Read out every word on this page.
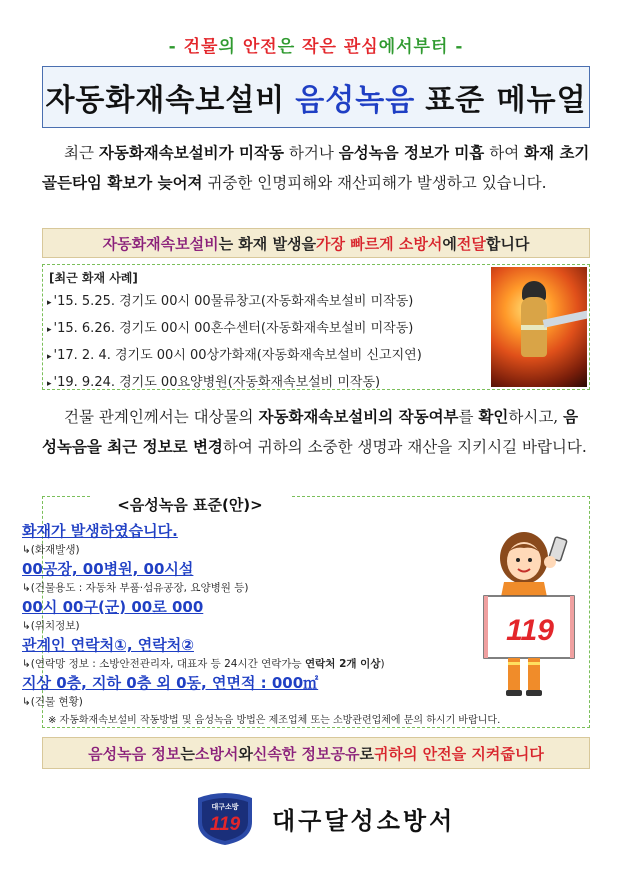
- 건물의 안전은 작은 관심에서부터 -
자동화재속보설비 음성녹음 표준 메뉴얼

최근 자동화재속보설비가 미작동 하거나 음성녹음 정보가 미흡 하여 화재 초기 골든타임 확보가 늦어져 귀중한 인명피해와 재산피해가 발생하고 있습니다.

자동화재속보설비 는 화재 발생을 가장 빠르게 소방서 에 전달 합니다
[최근 화재 사례]
▸ '15. 5.25. 경기도 00시 00물류창고(자동화재속보설비 미작동)
▸ '15. 6.26. 경기도 00시 00혼수센터(자동화재속보설비 미작동)
▸ '17. 2. 4. 경기도 00시 00상가화재(자동화재속보설비 신고지연)
▸ '19. 9.24. 경기도 00요양병원(자동화재속보설비 미작동)

건물 관계인께서는 대상물의 자동화재속보설비의 작동여부를 확인하시고, 음성녹음을 최근 정보로 변경하여 귀하의 소중한 생명과 재산을 지키시길 바랍니다.

<음성녹음 표준(안)>
화재가 발생하였습니다.
↳(화재발생)
00공장, 00병원, 00시설
↳(건물용도 : 자동차 부품·섬유공장, 요양병원 등)
00시 00구(군) 00로 000
↳(위치정보)
관계인 연락처①, 연락처②
↳(연락망 정보 : 소방안전관리자, 대표자 등 24시간 연락가능 연락처 2개 이상)
지상 0층, 지하 0층 외 0동, 연면적 : 000㎡
↳(건물 현황)
※ 자동화재속보설비 작동방법 및 음성녹음 방법은 제조업체 또는 소방관련업체에 문의 하시기 바랍니다.
119
음성녹음 정보 는 소방서 와 신속한 정보공유 로 귀하의 안전을 지켜줍니다
대구소방
119 대구달성소방서
